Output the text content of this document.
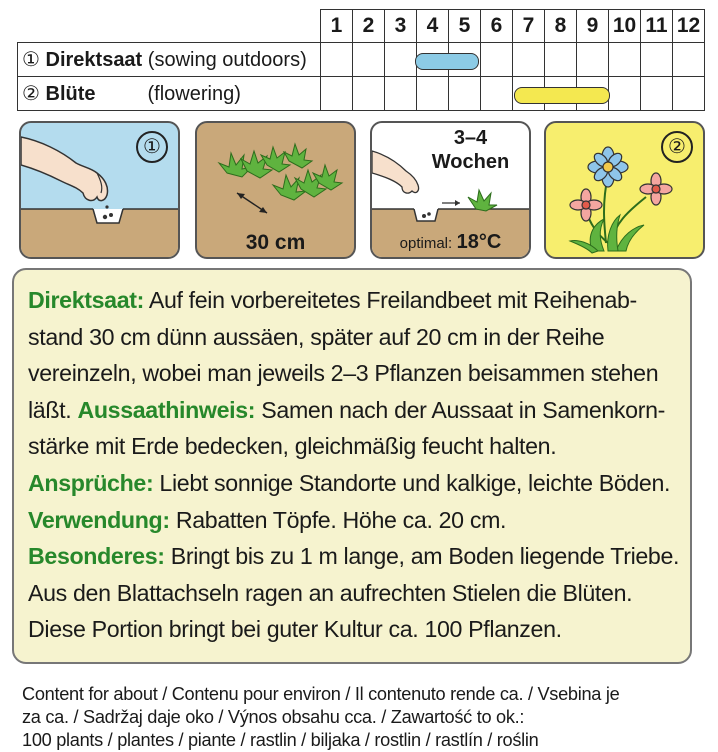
	1	2	3	4	5	6	7	8	9	10	11	12
① Direktsaat (sowing outdoors)												
② Blüte (flowering)												
①
30 cm
3–4
Wochen
optimal: 18°C
②

Direktsaat: Auf fein vorbereitetes Freilandbeet mit Reihenab-

stand 30 cm dünn aussäen, später auf 20 cm in der Reihe

vereinzeln, wobei man jeweils 2–3 Pflanzen beisammen stehen

läßt. Aussaathinweis: Samen nach der Aussaat in Samenkorn-

stärke mit Erde bedecken, gleichmäßig feucht halten.

Ansprüche: Liebt sonnige Standorte und kalkige, leichte Böden.

Verwendung: Rabatten Töpfe. Höhe ca. 20 cm.

Besonderes: Bringt bis zu 1 m lange, am Boden liegende Triebe.

Aus den Blattachseln ragen an aufrechten Stielen die Blüten.

Diese Portion bringt bei guter Kultur ca. 100 Pflanzen.

Content for about / Contenu pour environ / Il contenuto rende ca. / Vsebina je
za ca. / Sadržaj daje oko / Výnos obsahu cca. / Zawartość to ok.:
100 plants / plantes / piante / rastlin / biljaka / rostlin / rastlín / roślin
